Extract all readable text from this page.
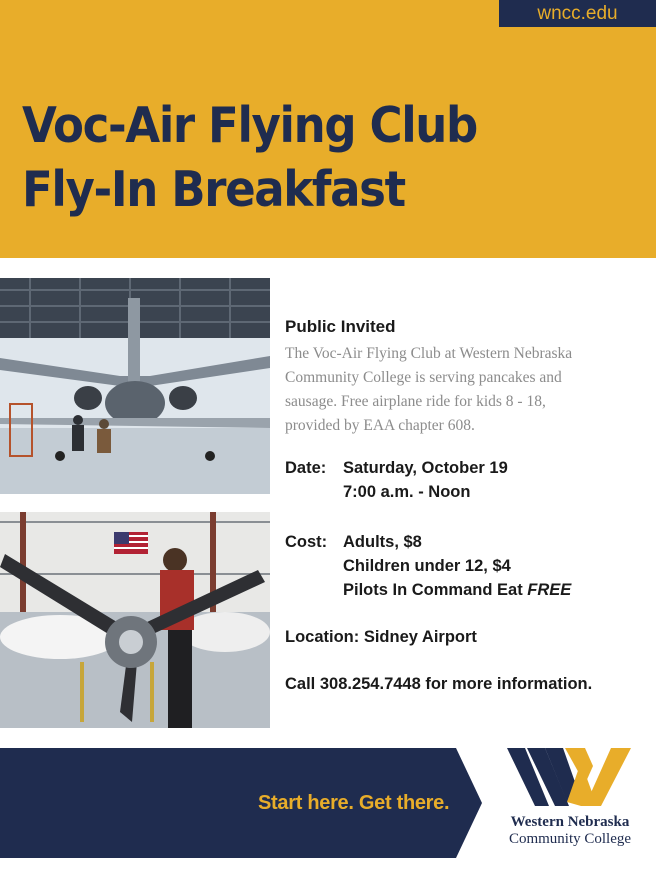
wncc.edu
Voc-Air Flying Club
Fly-In Breakfast
Public Invited
The Voc-Air Flying Club at Western Nebraska Community College is serving pancakes and sausage. Free airplane ride for kids 8 - 18, provided by EAA chapter 608.
Date: Saturday, October 19
7:00 a.m. - Noon
Cost: Adults, $8
Children under 12, $4
Pilots In Command Eat FREE
Location: Sidney Airport
Call 308.254.7448 for more information.
Start here. Get there.
Western Nebraska
Community College
